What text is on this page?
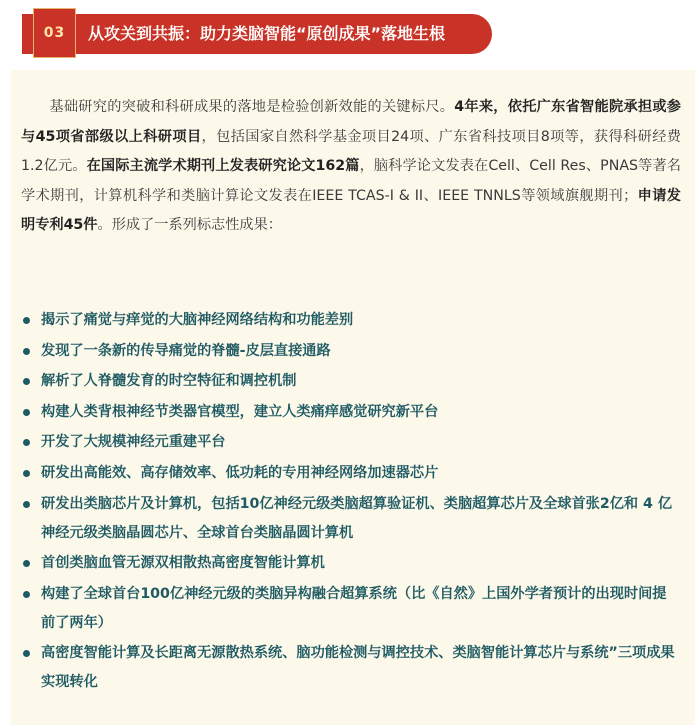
03 从攻关到共振：助力类脑智能“原创成果”落地生根

基础研究的突破和科研成果的落地是检验创新效能的关键标尺。4年来，依托广东省智能院承担或参与45项省部级以上科研项目，包括国家自然科学基金项目24项、广东省科技项目8项等，获得科研经费1.2亿元。在国际主流学术期刊上发表研究论文162篇，脑科学论文发表在Cell、Cell Res、PNAS等著名学术期刊，计算机科学和类脑计算论文发表在IEEE TCAS-I & II、IEEE TNNLS等领域旗舰期刊；申请发明专利45件。形成了一系列标志性成果：

揭示了痛觉与痒觉的大脑神经网络结构和功能差别
发现了一条新的传导痛觉的脊髓-皮层直接通路
解析了人脊髓发育的时空特征和调控机制
构建人类背根神经节类器官模型，建立人类痛痒感觉研究新平台
开发了大规模神经元重建平台
研发出高能效、高存储效率、低功耗的专用神经网络加速器芯片
研发出类脑芯片及计算机，包括10亿神经元级类脑超算验证机、类脑超算芯片及全球首张2亿和 4 亿神经元级类脑晶圆芯片、全球首台类脑晶圆计算机
首创类脑血管无源双相散热高密度智能计算机
构建了全球首台100亿神经元级的类脑异构融合超算系统（比《自然》上国外学者预计的出现时间提前了两年）
高密度智能计算及长距离无源散热系统、脑功能检测与调控技术、类脑智能计算芯片与系统”三项成果实现转化
